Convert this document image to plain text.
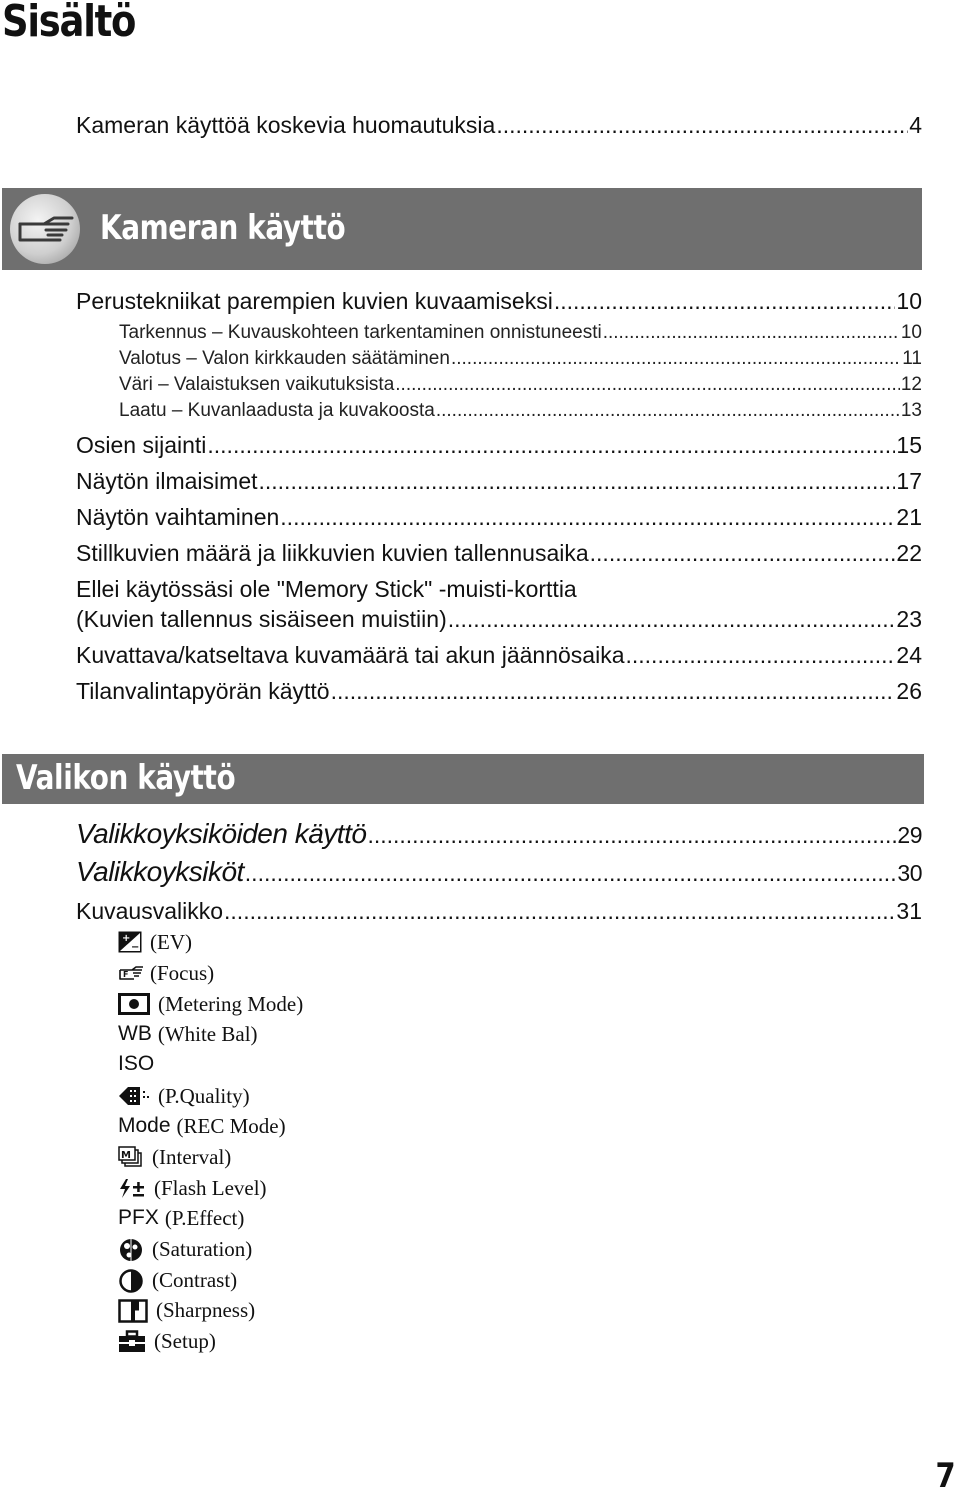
Sisältö
Kameran käyttöä koskevia huomautuksia .....	4
Kameran käyttö
Perustekniikat parempien kuvien kuvaamiseksi .....	10
Tarkennus – Kuvauskohteen tarkentaminen onnistuneesti .....	10
Valotus – Valon kirkkauden säätäminen .....	11
Väri – Valaistuksen vaikutuksista .....	12
Laatu – Kuvanlaadusta ja kuvakoosta .....	13
Osien sijainti .....	15
Näytön ilmaisimet .....	17
Näytön vaihtaminen .....	21
Stillkuvien määrä ja liikkuvien kuvien tallennusaika .....	22
Ellei käytössäsi ole "Memory Stick" -muisti-korttia
(Kuvien tallennus sisäiseen muistiin) .....	23
Kuvattava/katseltava kuvamäärä tai akun jäännösaika .....	24
Tilanvalintapyörän käyttö .....	26
Valikon käyttö
Valikkoyksiköiden käyttö .....	29
Valikkoyksiköt .....	30
Kuvausvalikko .....	31
+
− (EV)
F (Focus)
(Metering Mode)
WB (White Bal)
ISO
(P.Quality)
Mode (REC Mode)
M (Interval)
(Flash Level)
PFX (P.Effect)
(Saturation)
(Contrast)
(Sharpness)
(Setup)
7
